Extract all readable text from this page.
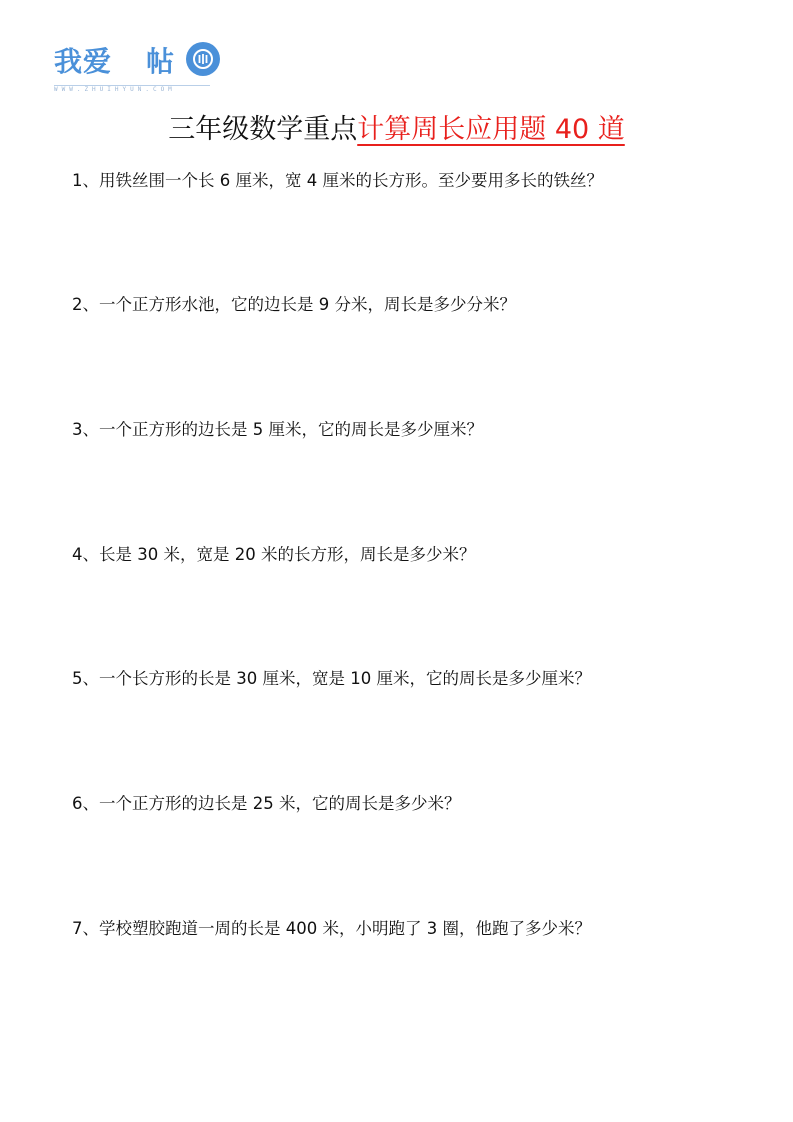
我爱 帖
WWW.ZHUIHYUN.COM
三年级数学重点计算周长应用题 40 道
1、用铁丝围一个长 6 厘米，宽 4 厘米的长方形。至少要用多长的铁丝？
2、一个正方形水池，它的边长是 9 分米，周长是多少分米？
3、一个正方形的边长是 5 厘米，它的周长是多少厘米？
4、长是 30 米，宽是 20 米的长方形，周长是多少米？
5、一个长方形的长是 30 厘米，宽是 10 厘米，它的周长是多少厘米？
6、一个正方形的边长是 25 米，它的周长是多少米？
7、学校塑胶跑道一周的长是 400 米，小明跑了 3 圈，他跑了多少米？
